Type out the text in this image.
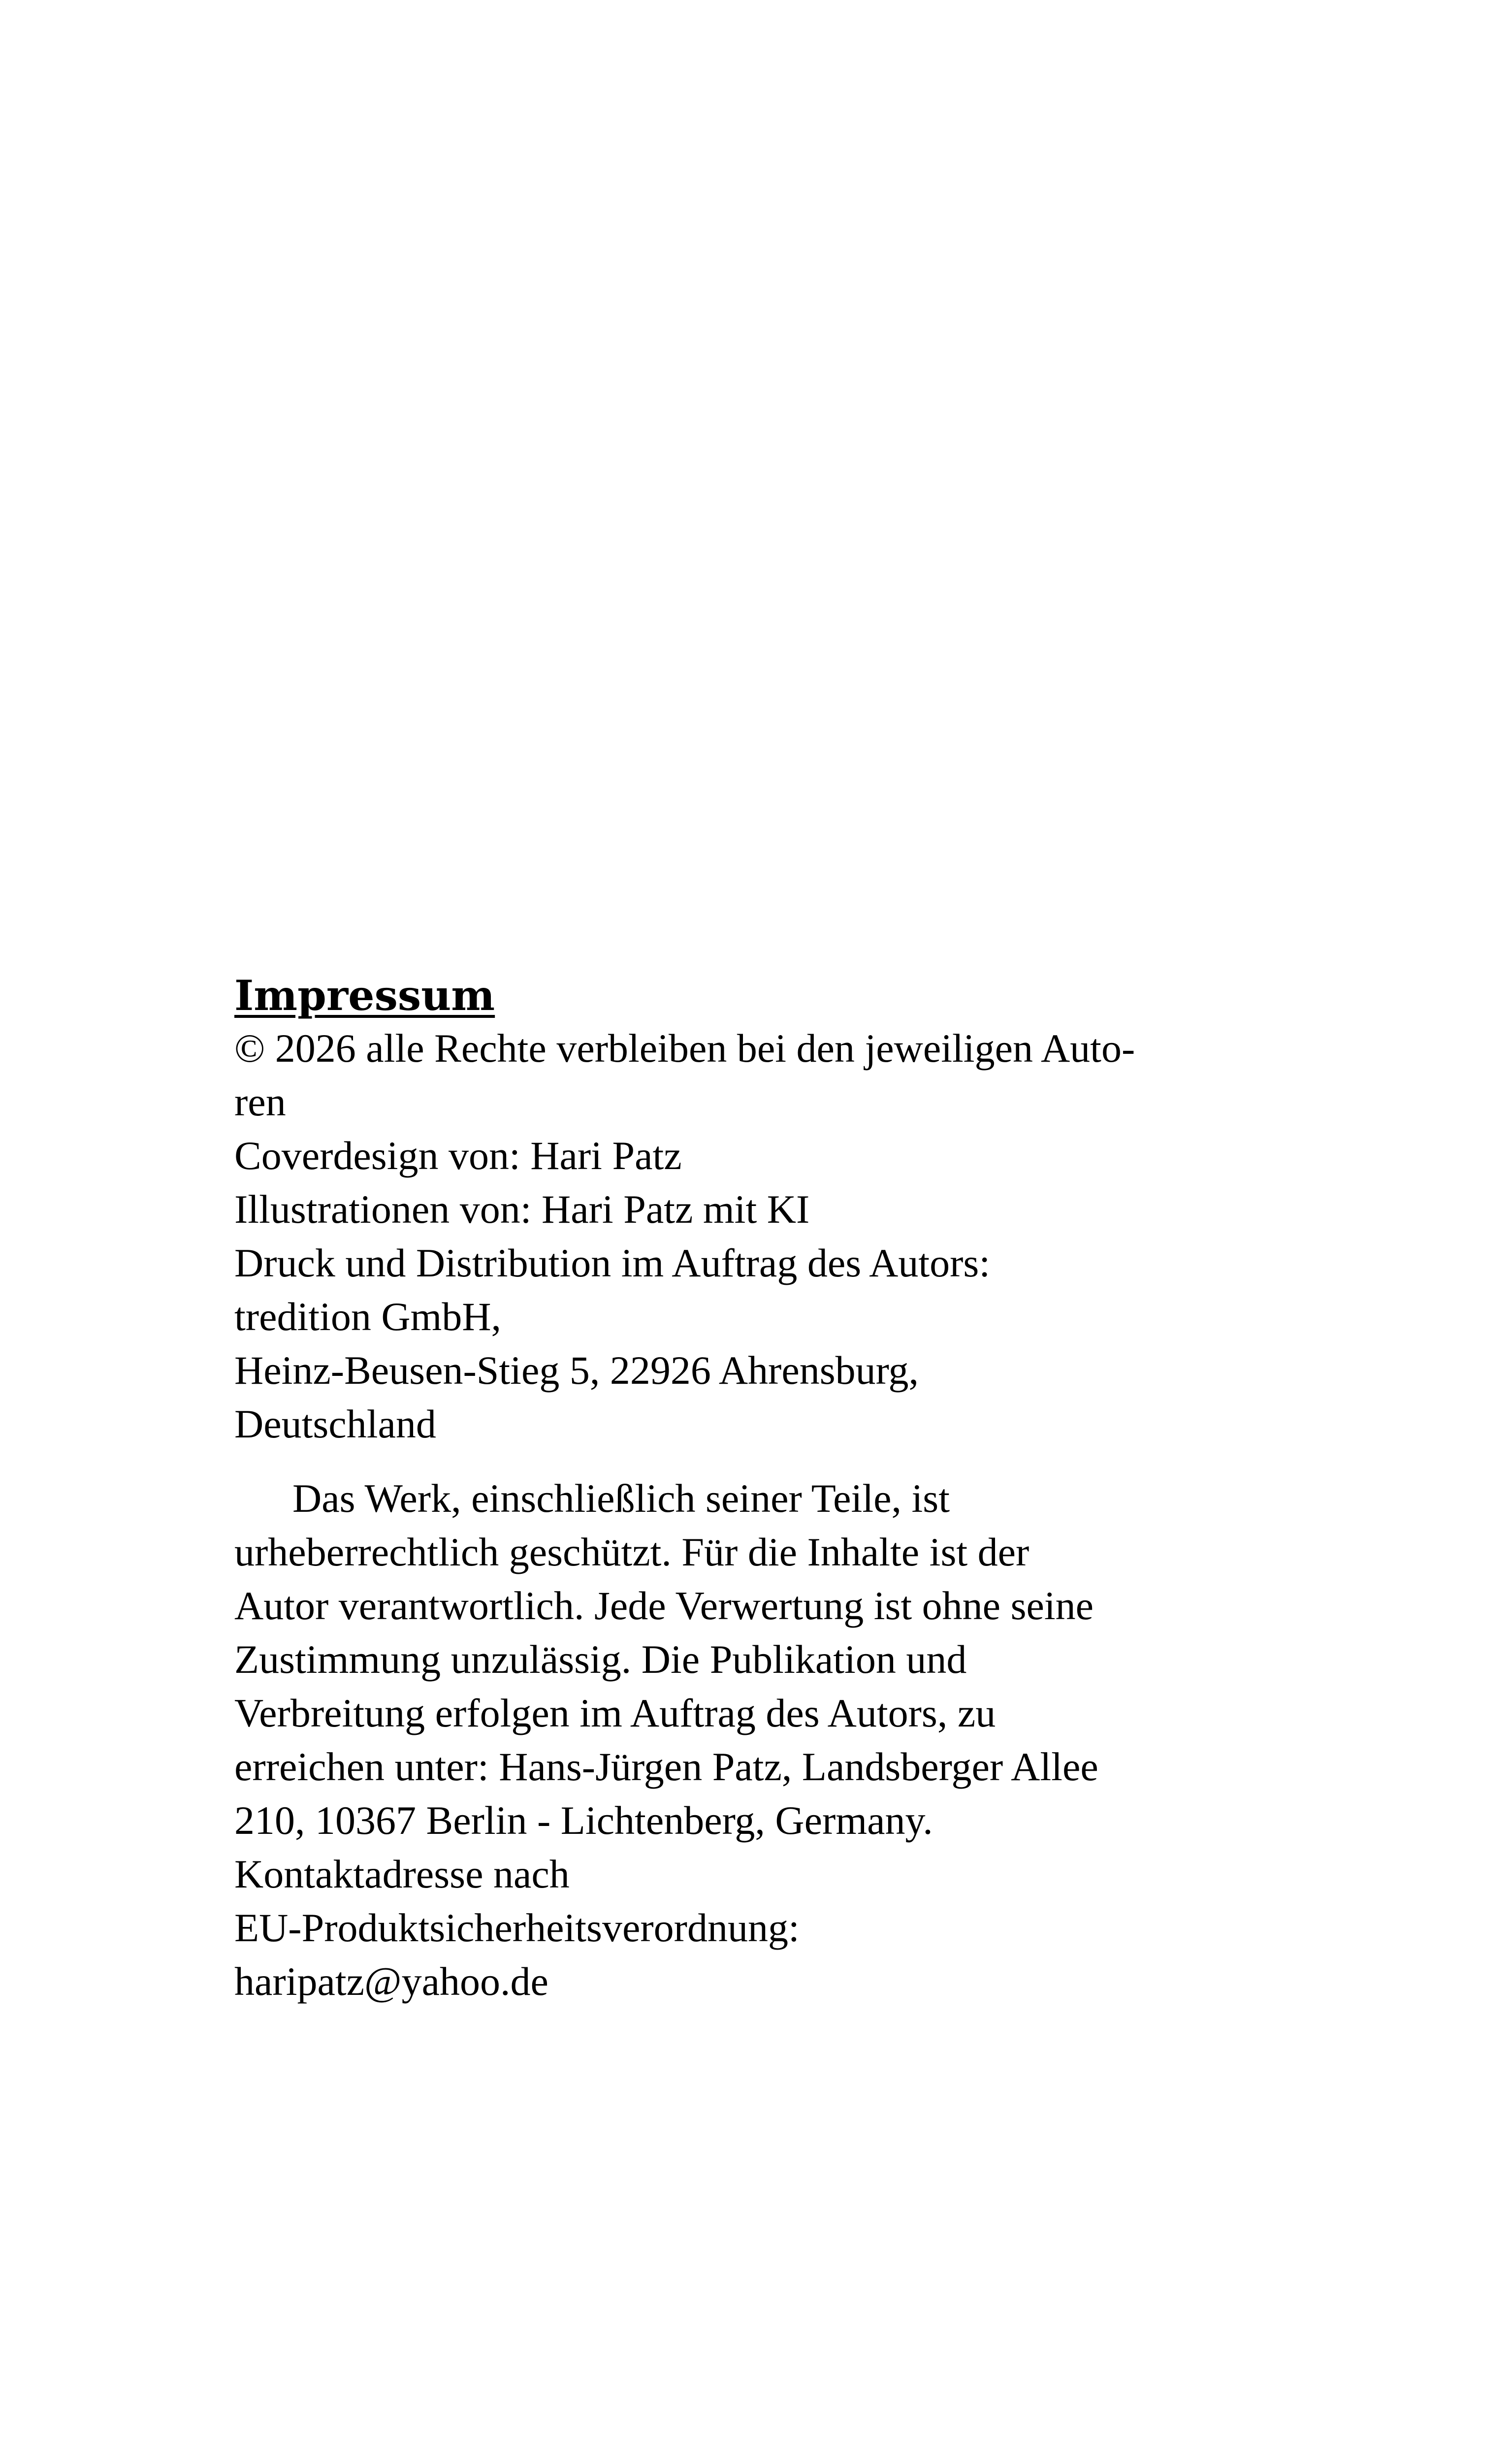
Impressum
© 2026 alle Rechte verbleiben bei den jeweiligen Auto-
ren
Coverdesign von: Hari Patz
Illustrationen von: Hari Patz mit KI
Druck und Distribution im Auftrag des Autors:
tredition GmbH,
Heinz-Beusen-Stieg 5, 22926 Ahrensburg,
Deutschland
Das Werk, einschließlich seiner Teile, ist
urheberrechtlich geschützt. Für die Inhalte ist der
Autor verantwortlich. Jede Verwertung ist ohne seine
Zustimmung unzulässig. Die Publikation und
Verbreitung erfolgen im Auftrag des Autors, zu
erreichen unter: Hans-Jürgen Patz, Landsberger Allee
210, 10367 Berlin - Lichtenberg, Germany.
Kontaktadresse nach
EU-Produktsicherheitsverordnung:
haripatz@yahoo.de
